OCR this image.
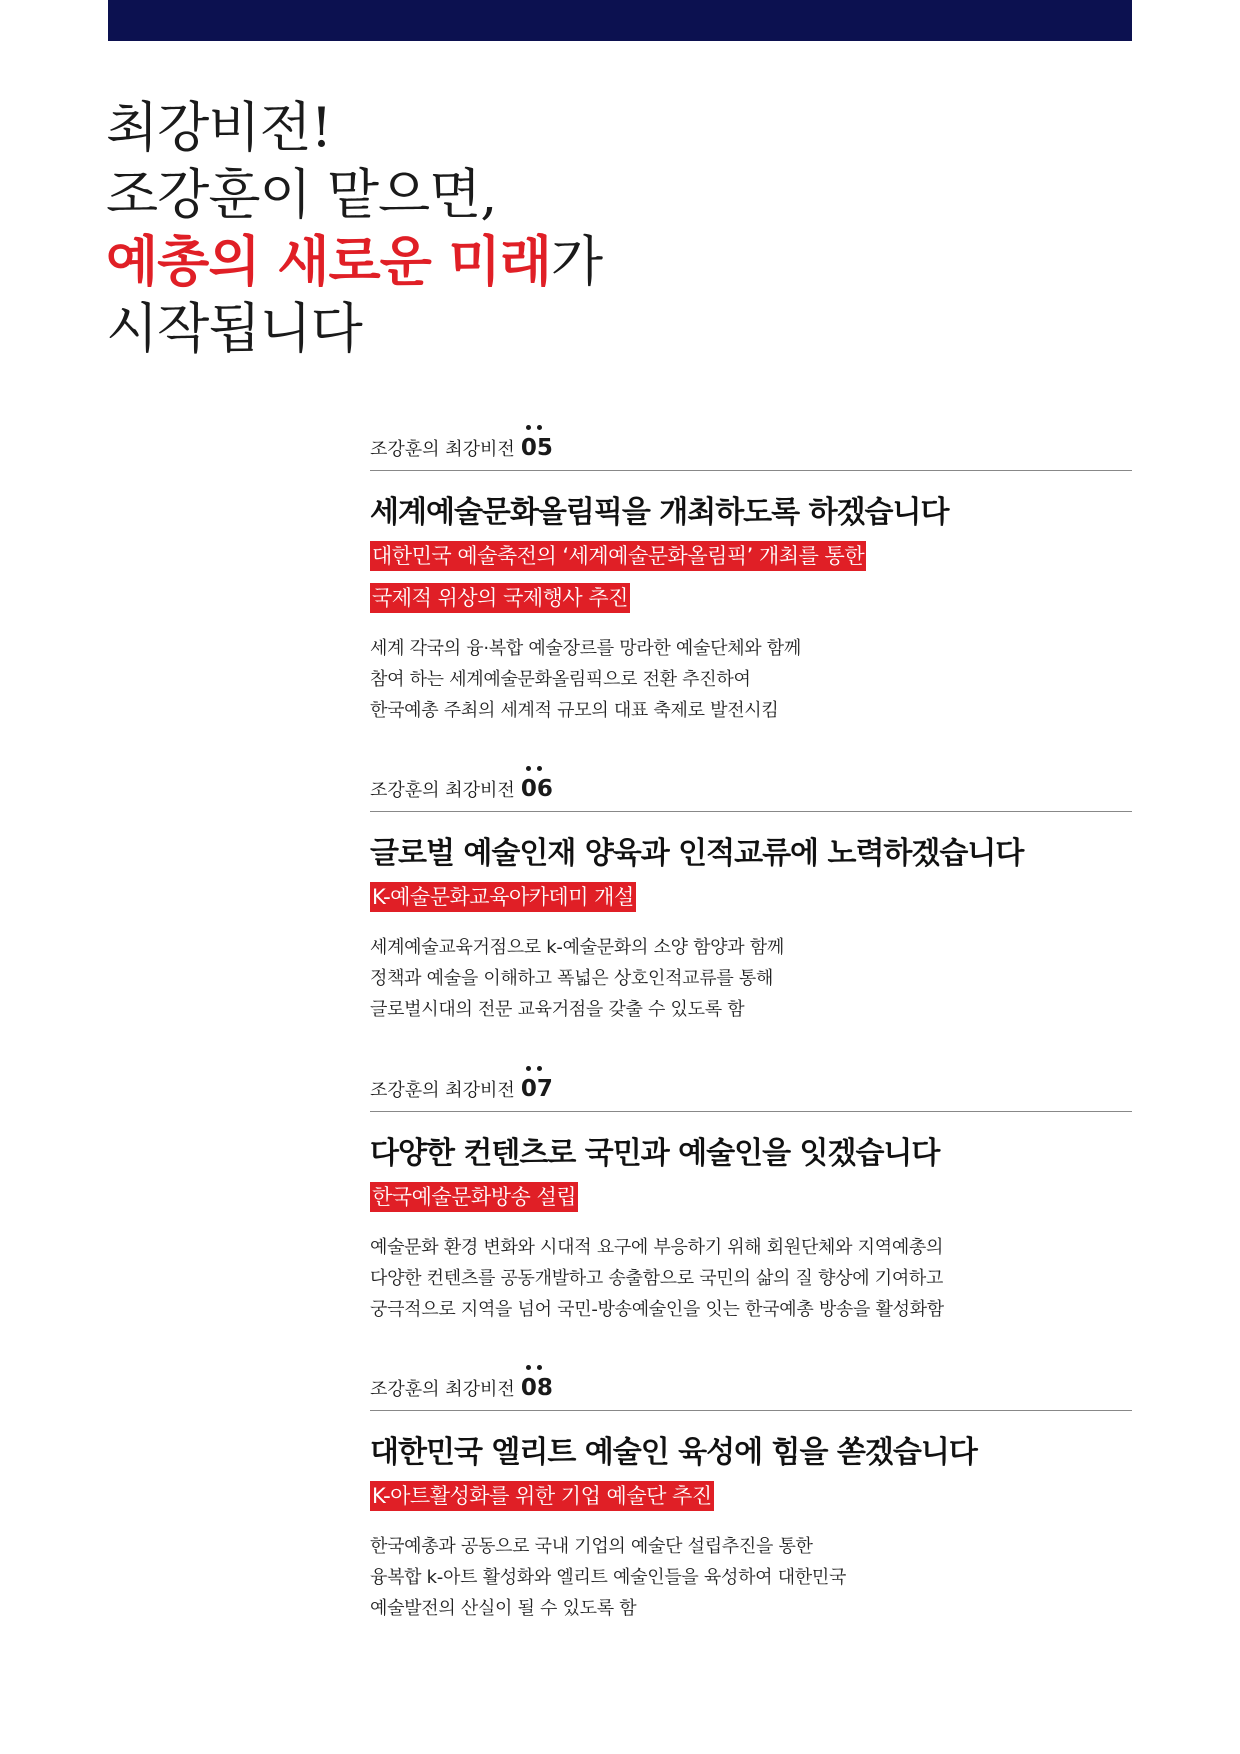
최강비전!
조강훈이 맡으면,
예총의 새로운 미래가
시작됩니다
조강훈의 최강비전 05
세계예술문화올림픽을 개최하도록 하겠습니다
대한민국 예술축전의 ‘세계예술문화올림픽’ 개최를 통한
국제적 위상의 국제행사 추진
세계 각국의 융·복합 예술장르를 망라한 예술단체와 함께
참여 하는 세계예술문화올림픽으로 전환 추진하여
한국예총 주최의 세계적 규모의 대표 축제로 발전시킴
조강훈의 최강비전 06
글로벌 예술인재 양육과 인적교류에 노력하겠습니다
K-예술문화교육아카데미 개설
세계예술교육거점으로 k-예술문화의 소양 함양과 함께
정책과 예술을 이해하고 폭넓은 상호인적교류를 통해
글로벌시대의 전문 교육거점을 갖출 수 있도록 함
조강훈의 최강비전 07
다양한 컨텐츠로 국민과 예술인을 잇겠습니다
한국예술문화방송 설립
예술문화 환경 변화와 시대적 요구에 부응하기 위해 회원단체와 지역예총의
다양한 컨텐츠를 공동개발하고 송출함으로 국민의 삶의 질 향상에 기여하고
궁극적으로 지역을 넘어 국민-방송예술인을 잇는 한국예총 방송을 활성화함
조강훈의 최강비전 08
대한민국 엘리트 예술인 육성에 힘을 쏟겠습니다
K-아트활성화를 위한 기업 예술단 추진
한국예총과 공동으로 국내 기업의 예술단 설립추진을 통한
융복합 k-아트 활성화와 엘리트 예술인들을 육성하여 대한민국
예술발전의 산실이 될 수 있도록 함
